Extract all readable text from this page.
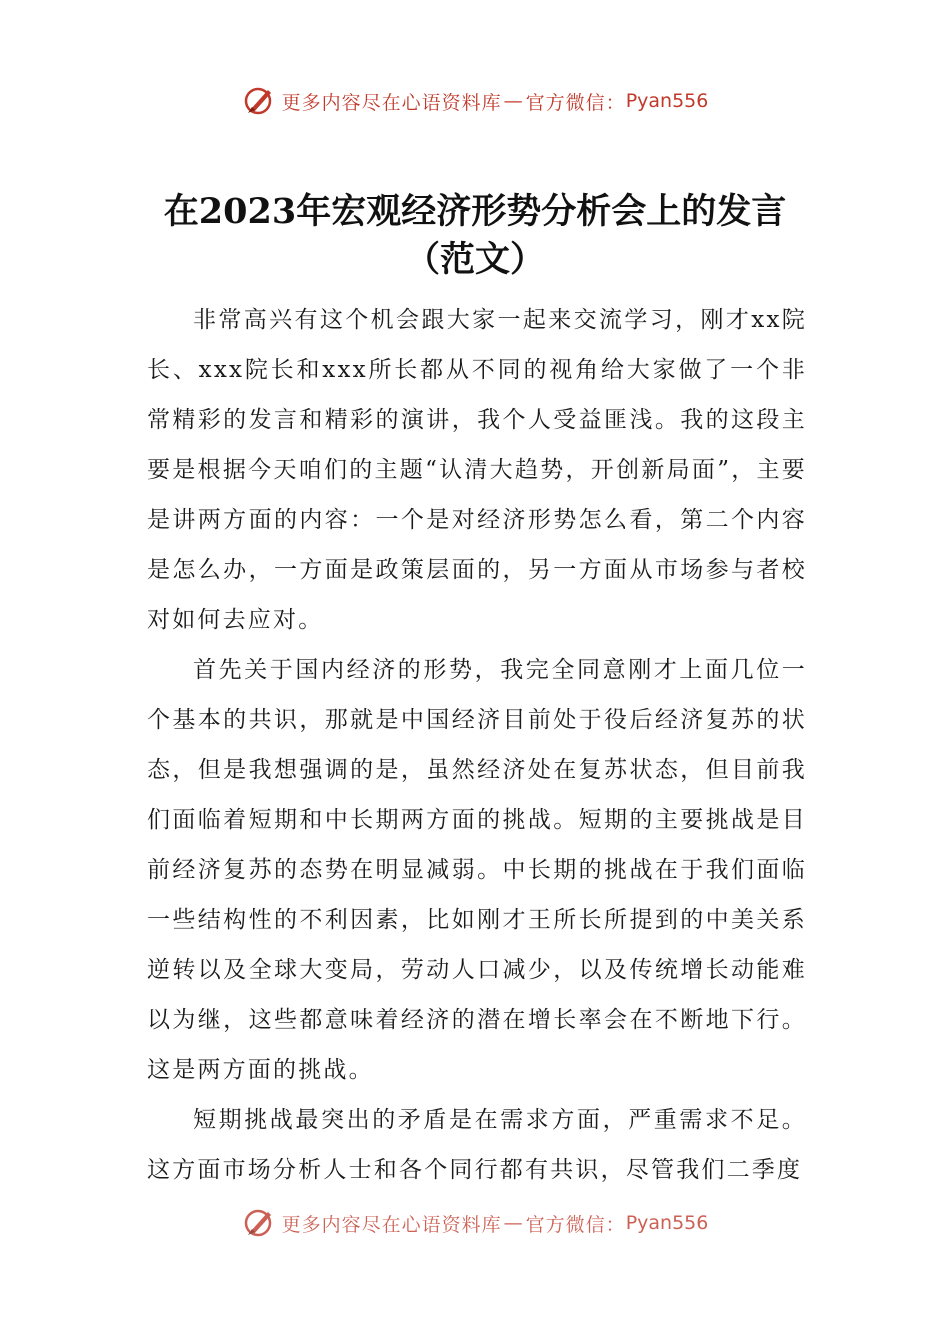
更多内容尽在心语资料库 — 官方微信： Pyan556
在2023年宏观经济形势分析会上的发言
（范文）

非常高兴有这个机会跟大家一起来交流学习，刚才xx院长、xxx院长和xxx所长都从不同的视角给大家做了一个非常精彩的发言和精彩的演讲，我个人受益匪浅。我的这段主要是根据今天咱们的主题“认清大趋势，开创新局面”，主要是讲两方面的内容：一个是对经济形势怎么看，第二个内容是怎么办，一方面是政策层面的，另一方面从市场参与者校对如何去应对。

首先关于国内经济的形势，我完全同意刚才上面几位一个基本的共识，那就是中国经济目前处于役后经济复苏的状态，但是我想强调的是，虽然经济处在复苏状态，但目前我们面临着短期和中长期两方面的挑战。短期的主要挑战是目前经济复苏的态势在明显减弱。中长期的挑战在于我们面临一些结构性的不利因素，比如刚才王所长所提到的中美关系逆转以及全球大变局，劳动人口减少，以及传统增长动能难以为继，这些都意味着经济的潜在增长率会在不断地下行。这是两方面的挑战。

短期挑战最突出的矛盾是在需求方面，严重需求不足。这方面市场分析人士和各个同行都有共识，尽管我们二季度

更多内容尽在心语资料库 — 官方微信： Pyan556
